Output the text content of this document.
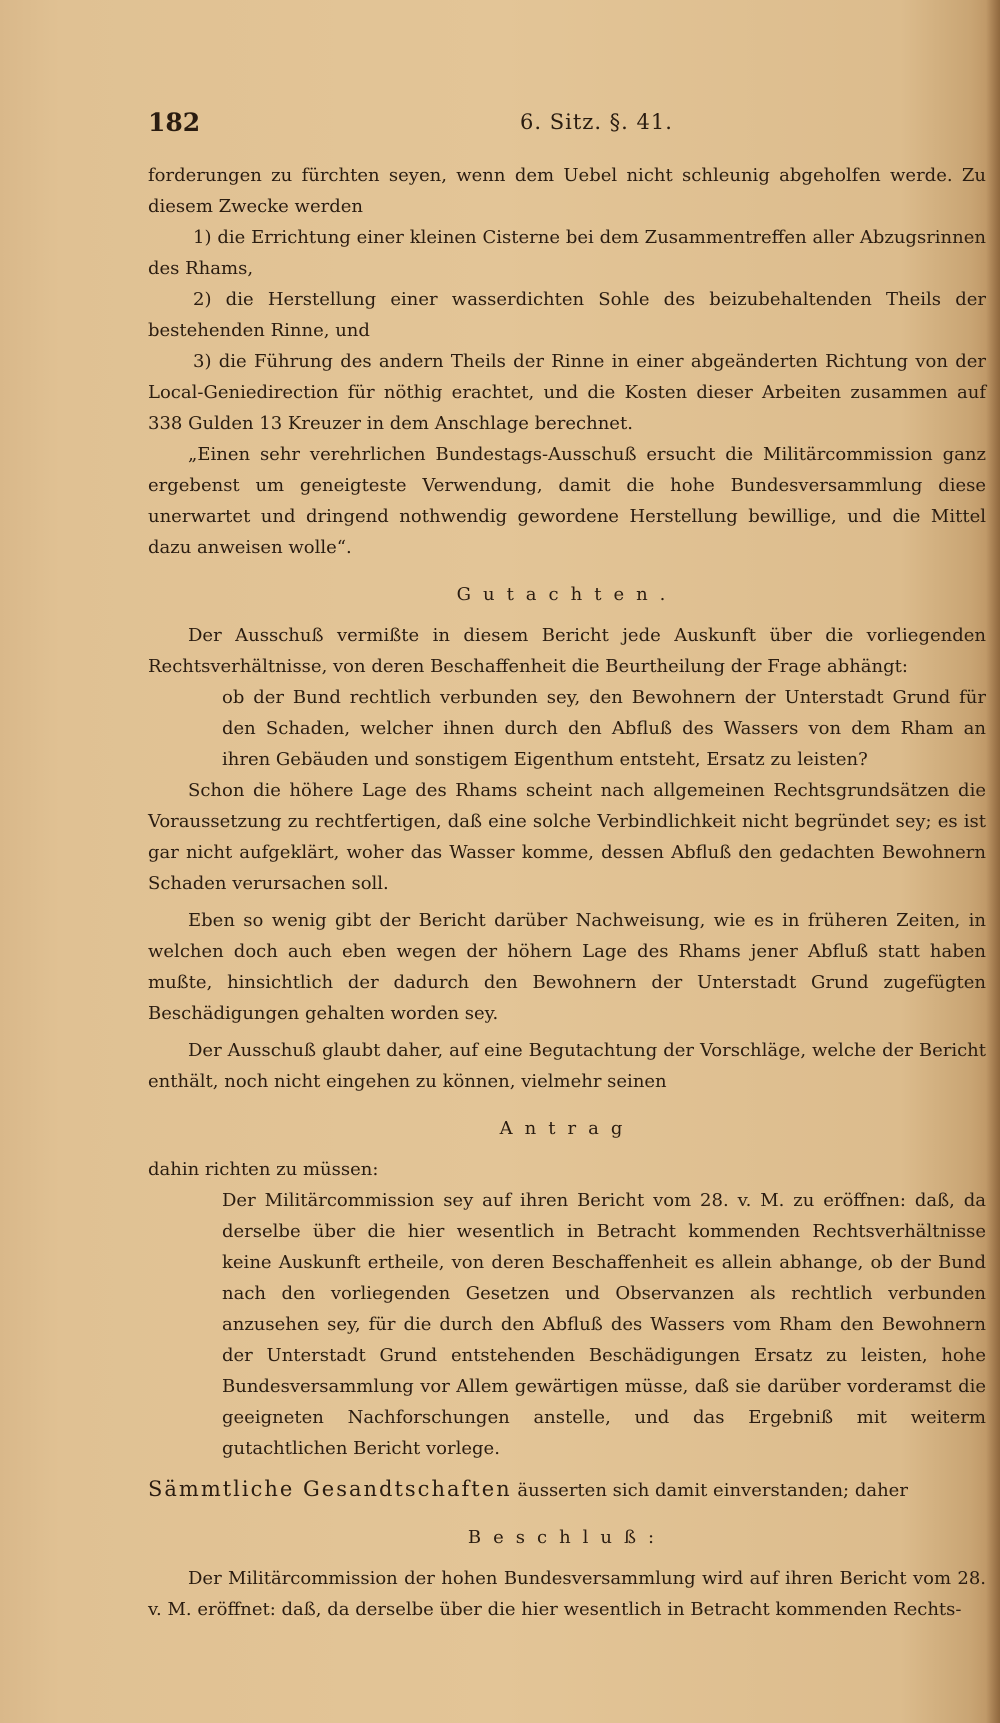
182	6. Sitz. §. 41.

forderungen zu fürchten seyen, wenn dem Uebel nicht schleunig abgeholfen werde. Zu diesem Zwecke werden

1) die Errichtung einer kleinen Cisterne bei dem Zusammentreffen aller Abzugsrinnen des Rhams,

2) die Herstellung einer wasserdichten Sohle des beizubehaltenden Theils der bestehenden Rinne, und

3) die Führung des andern Theils der Rinne in einer abgeänderten Richtung von der Local-Geniedirection für nöthig erachtet, und die Kosten dieser Arbeiten zusammen auf 338 Gulden 13 Kreuzer in dem Anschlage berechnet.

„Einen sehr verehrlichen Bundestags-Ausschuß ersucht die Militärcommission ganz ergebenst um geneigteste Verwendung, damit die hohe Bundesversammlung diese unerwartet und dringend nothwendig gewordene Herstellung bewillige, und die Mittel dazu anweisen wolle“.

Gutachten.

Der Ausschuß vermißte in diesem Bericht jede Auskunft über die vorliegenden Rechtsverhältnisse, von deren Beschaffenheit die Beurtheilung der Frage abhängt:

ob der Bund rechtlich verbunden sey, den Bewohnern der Unterstadt Grund für den Schaden, welcher ihnen durch den Abfluß des Wassers von dem Rham an ihren Gebäuden und sonstigem Eigenthum entsteht, Ersatz zu leisten?

Schon die höhere Lage des Rhams scheint nach allgemeinen Rechtsgrundsätzen die Voraussetzung zu rechtfertigen, daß eine solche Verbindlichkeit nicht begründet sey; es ist gar nicht aufgeklärt, woher das Wasser komme, dessen Abfluß den gedachten Bewohnern Schaden verursachen soll.

Eben so wenig gibt der Bericht darüber Nachweisung, wie es in früheren Zeiten, in welchen doch auch eben wegen der höhern Lage des Rhams jener Abfluß statt haben mußte, hinsichtlich der dadurch den Bewohnern der Unterstadt Grund zugefügten Beschädigungen gehalten worden sey.

Der Ausschuß glaubt daher, auf eine Begutachtung der Vorschläge, welche der Bericht enthält, noch nicht eingehen zu können, vielmehr seinen

Antrag

dahin richten zu müssen:

Der Militärcommission sey auf ihren Bericht vom 28. v. M. zu eröffnen: daß, da derselbe über die hier wesentlich in Betracht kommenden Rechtsverhältnisse keine Auskunft ertheile, von deren Beschaffenheit es allein abhange, ob der Bund nach den vorliegenden Gesetzen und Observanzen als rechtlich verbunden anzusehen sey, für die durch den Abfluß des Wassers vom Rham den Bewohnern der Unterstadt Grund entstehenden Beschädigungen Ersatz zu leisten, hohe Bundesversammlung vor Allem gewärtigen müsse, daß sie darüber vorderamst die geeigneten Nachforschungen anstelle, und das Ergebniß mit weiterm gutachtlichen Bericht vorlege.

Sämmtliche Gesandtschaften äusserten sich damit einverstanden; daher

Beschluß:

Der Militärcommission der hohen Bundesversammlung wird auf ihren Bericht vom 28. v. M. eröffnet: daß, da derselbe über die hier wesentlich in Betracht kommenden Rechts-
